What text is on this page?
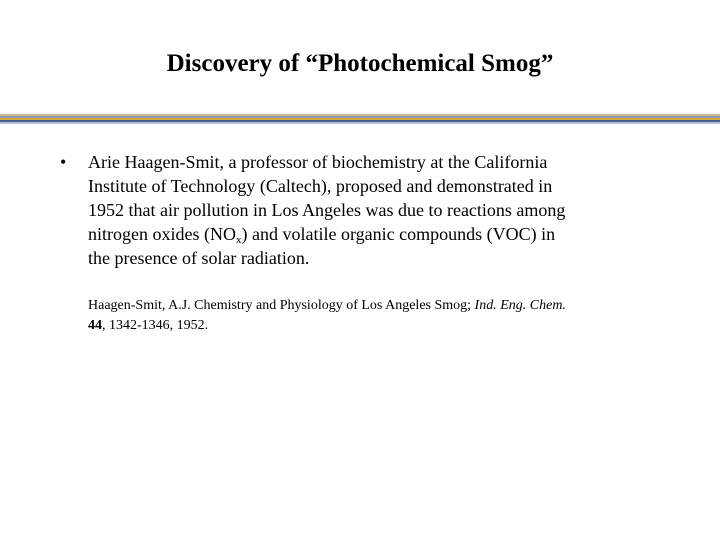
Discovery of “Photochemical Smog”
• Arie Haagen-Smit, a professor of biochemistry at the California
Institute of Technology (Caltech), proposed and demonstrated in
1952 that air pollution in Los Angeles was due to reactions among
nitrogen oxides $(NO_x)$ and volatile organic compounds (VOC) in
the presence of solar radiation.
Haagen-Smit, A.J. Chemistry and Physiology of Los Angeles Smog; Ind. Eng. Chem.
44, 1342-1346, 1952.
